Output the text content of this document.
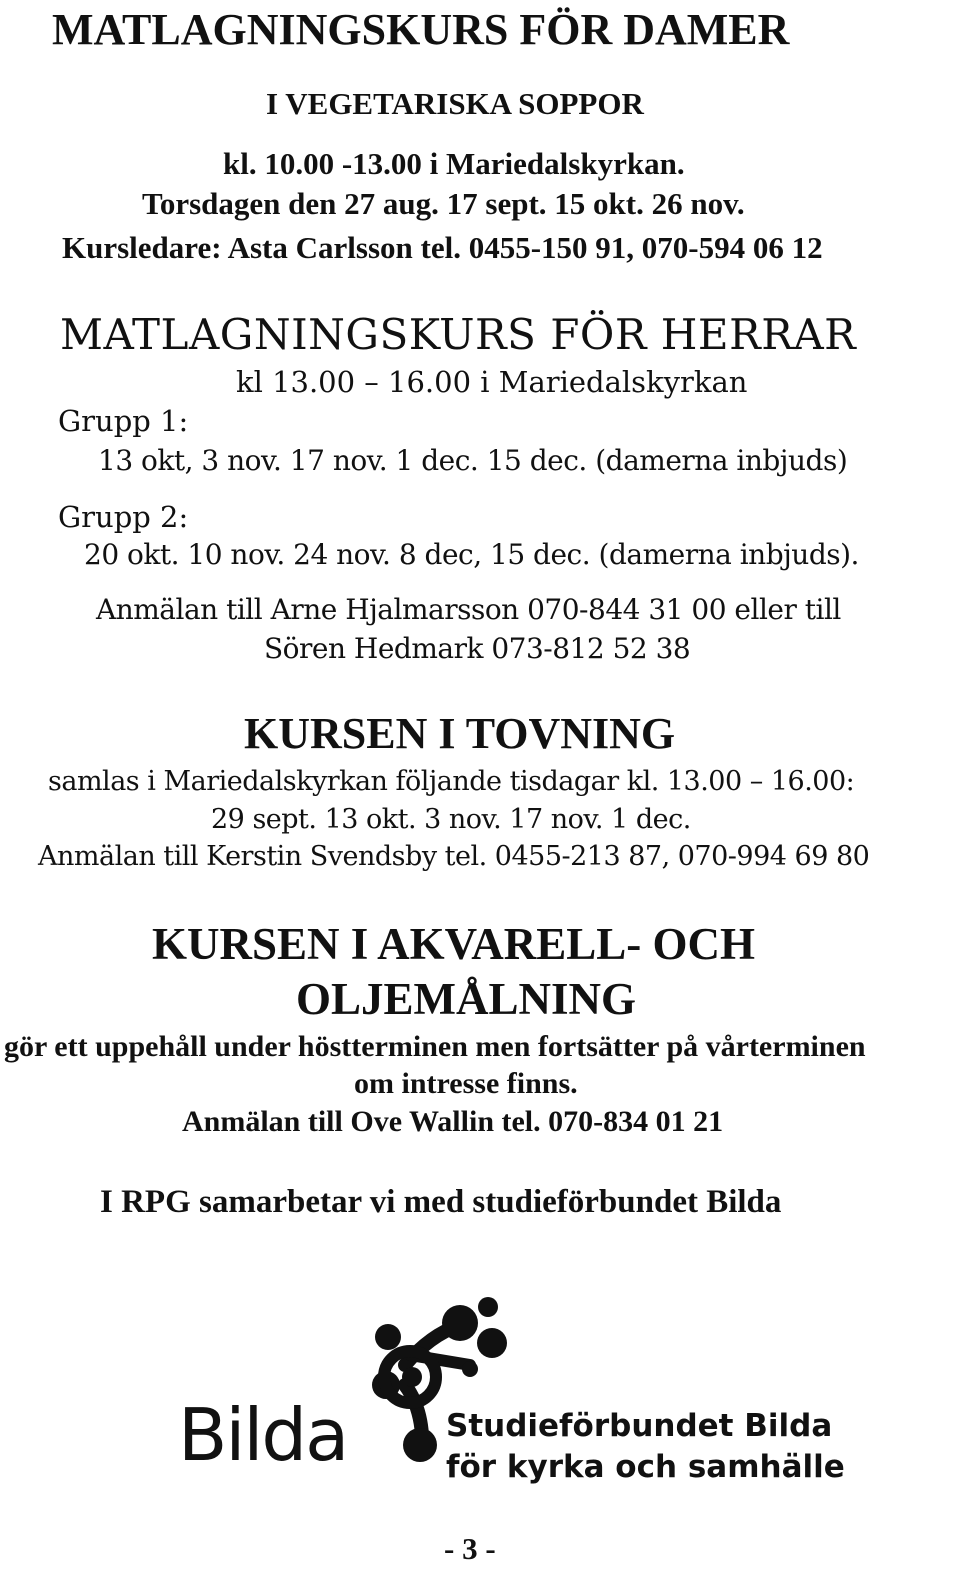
MATLAGNINGSKURS FÖR DAMER
I VEGETARISKA SOPPOR
kl. 10.00 -13.00 i Mariedalskyrkan.
Torsdagen den 27 aug. 17 sept. 15 okt. 26 nov.
Kursledare: Asta Carlsson tel. 0455-150 91, 070-594 06 12
MATLAGNINGSKURS FÖR HERRAR
kl 13.00 – 16.00 i Mariedalskyrkan
Grupp 1:
13 okt, 3 nov. 17 nov. 1 dec. 15 dec. (damerna inbjuds)
Grupp 2:
20 okt. 10 nov. 24 nov. 8 dec, 15 dec. (damerna inbjuds).
Anmälan till Arne Hjalmarsson 070-844 31 00 eller till
Sören Hedmark 073-812 52 38
KURSEN I TOVNING
samlas i Mariedalskyrkan följande tisdagar kl. 13.00 – 16.00:
29 sept. 13 okt. 3 nov. 17 nov. 1 dec.
Anmälan till Kerstin Svendsby tel. 0455-213 87, 070-994 69 80
KURSEN I AKVARELL- OCH
OLJEMÅLNING
gör ett uppehåll under höstterminen men fortsätter på vårterminen
om intresse finns.
Anmälan till Ove Wallin tel. 070-834 01 21
I RPG samarbetar vi med studieförbundet Bilda
Bilda	Studieförbundet Bilda
för kyrka och samhälle
- 3 -
